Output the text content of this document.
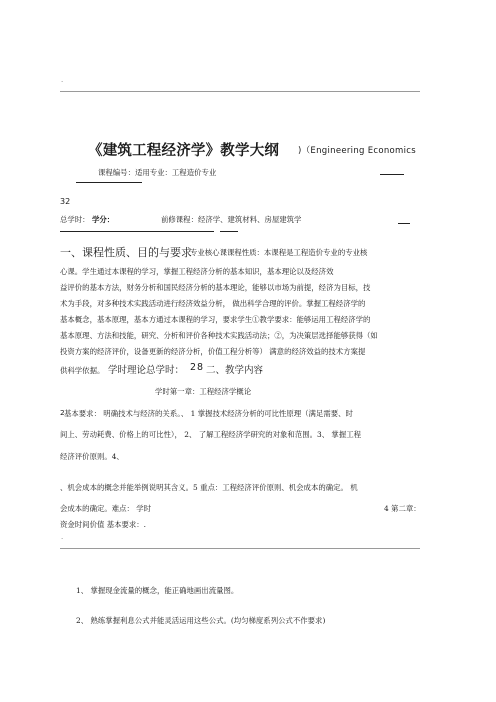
.
《建筑工程经济学》教学大纲 )（Engineering Economics
课程编号：适用专业：工程造价专业
32
总学时： 学分：	前修课程：经济学、建筑材料、房屋建筑学
一、课程性质、目的与要求
专业核心课课程性质：本课程是工程造价专业的专业核
心课。学生通过本课程的学习，掌握工程经济分析的基本知识，基本理论以及经济效
益评价的基本方法，财务分析和国民经济分析的基本理论，能够以市场为前提，经济为目标，技
术为手段，对多种技术实践活动进行经济效益分析， 做出科学合理的评价。掌握工程经济学的
基本概念，基本原理，基本方通过本课程的学习，要求学生①教学要求：能够运用工程经济学的
基本原理、方法和技能，研究、分析和评价各种技术实践活动法；②，为决策层选择能够获得（如
投资方案的经济评价，设备更新的经济分析，价值工程分析等） 满意的经济效益的技术方案提
供科学依据。 学时理论总学时： 28 二、教学内容
学时第一章：工程经济学概论
2 基本要求： 明确技术与经济的关系。、 1 掌握技术经济分析的可比性原理（满足需要、时
间上、劳动耗费、价格上的可比性）， 2、 了解工程经济学研究的对象和范围。3、 掌握工程
经济评价原则。4、
、机会成本的概念并能举例说明其含义。5 重点：工程经济评价原则、机会成本的确定。 机
会成本的确定。难点： 学时	4 第二章：
资金时间价值 基本要求：.
.
1、 掌握现金流量的概念，能正确地画出流量图。
2、 熟练掌握利息公式并能灵活运用这些公式。(均匀梯度系列公式不作要求)
